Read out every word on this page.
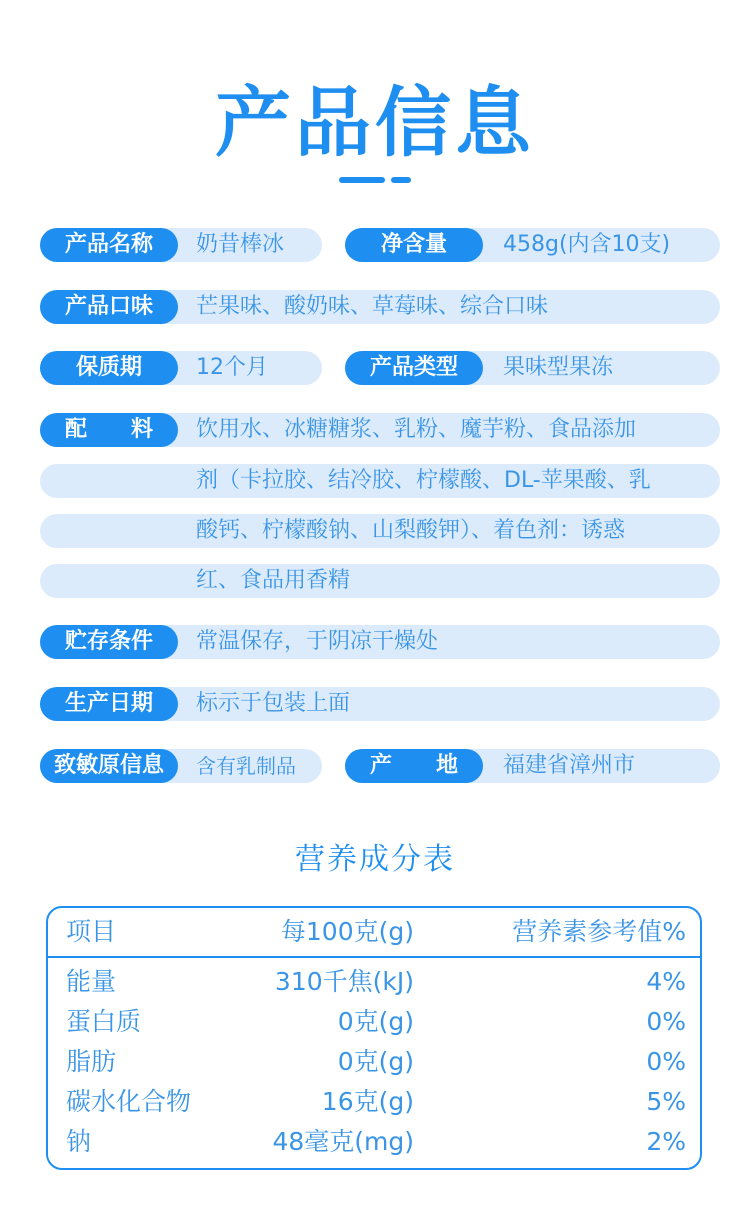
产品信息
产品名称	奶昔棒冰	净含量	458g(内含10支)
产品口味	芒果味、酸奶味、草莓味、综合口味
保质期	12个月	产品类型	果味型果冻
配　　料	饮用水、冰糖糖浆、乳粉、魔芋粉、食品添加
剂（卡拉胶、结冷胶、柠檬酸、DL-苹果酸、乳
酸钙、柠檬酸钠、山梨酸钾）、着色剂：诱惑
红、食品用香精
贮存条件	常温保存，于阴凉干燥处
生产日期	标示于包装上面
致敏原信息	含有乳制品	产　　地	福建省漳州市
营养成分表
项目	每100克(g)	营养素参考值%
能量	310千焦(kJ)	4%
蛋白质	0克(g)	0%
脂肪	0克(g)	0%
碳水化合物	16克(g)	5%
钠	48毫克(mg)	2%
